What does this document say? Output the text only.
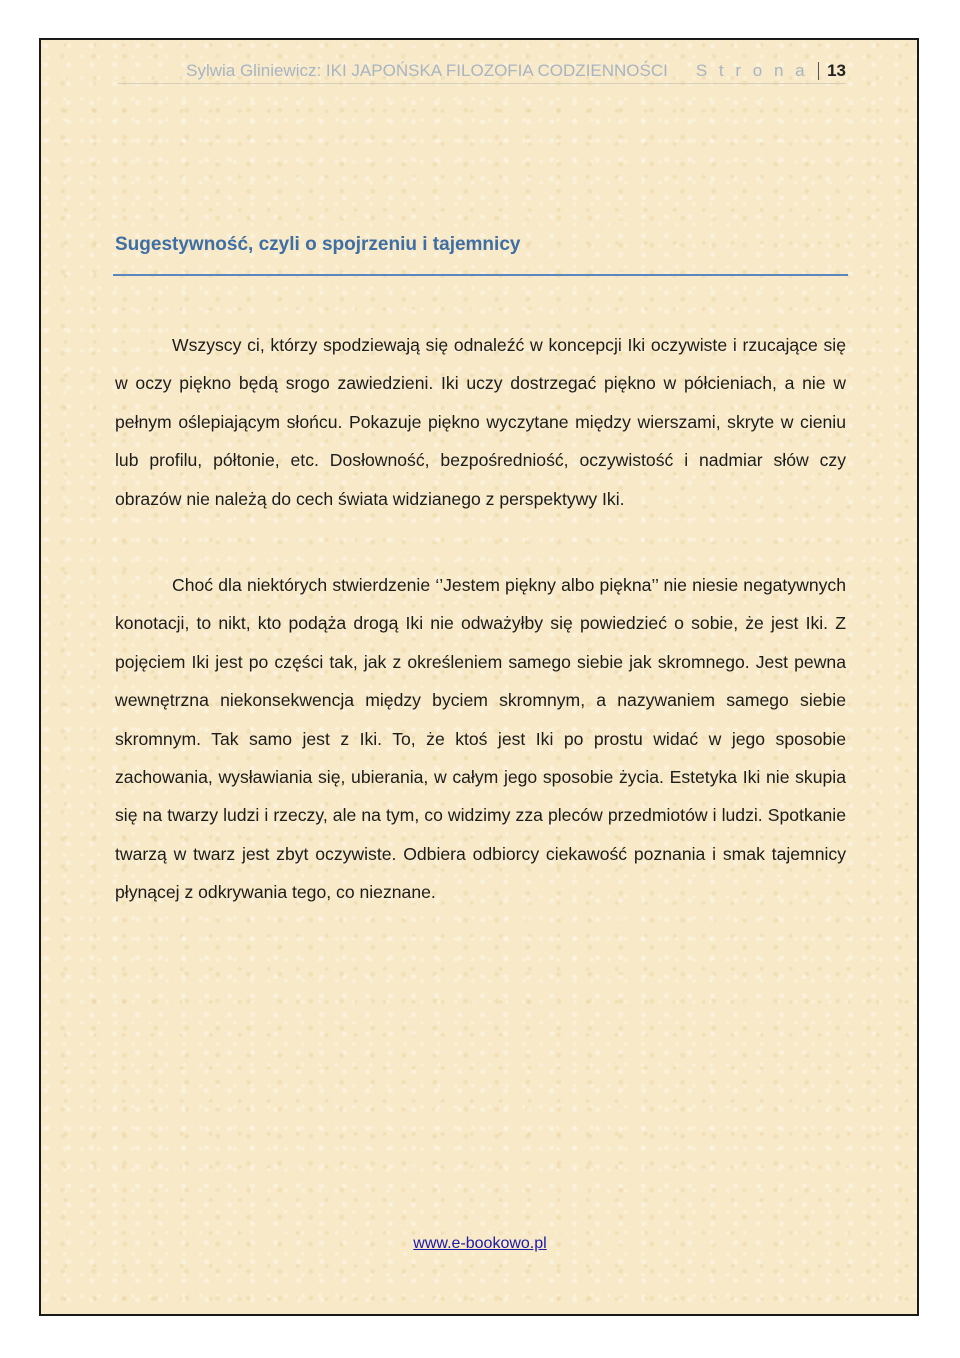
Sylwia Gliniewicz: IKI JAPOŃSKA FILOZOFIA CODZIENNOŚCI S t r o n a 13
Sugestywność, czyli o spojrzeniu i tajemnicy

Wszyscy ci, którzy spodziewają się odnaleźć w koncepcji Iki oczywiste i rzucające się w oczy piękno będą srogo zawiedzieni. Iki uczy dostrzegać piękno w półcieniach, a nie w pełnym oślepiającym słońcu. Pokazuje piękno wyczytane między wierszami, skryte w cieniu lub profilu, półtonie, etc. Dosłowność, bezpośredniość, oczywistość i nadmiar słów czy obrazów nie należą do cech świata widzianego z perspektywy Iki.

Choć dla niektórych stwierdzenie ‘’Jestem piękny albo piękna’’ nie niesie negatywnych konotacji, to nikt, kto podąża drogą Iki nie odważyłby się powiedzieć o sobie, że jest Iki. Z pojęciem Iki jest po części tak, jak z określeniem samego siebie jak skromnego. Jest pewna wewnętrzna niekonsekwencja między byciem skromnym, a nazywaniem samego siebie skromnym. Tak samo jest z Iki. To, że ktoś jest Iki po prostu widać w jego sposobie zachowania, wysławiania się, ubierania, w całym jego sposobie życia. Estetyka Iki nie skupia się na twarzy ludzi i rzeczy, ale na tym, co widzimy zza pleców przedmiotów i ludzi. Spotkanie twarzą w twarz jest zbyt oczywiste. Odbiera odbiorcy ciekawość poznania i smak tajemnicy płynącej z odkrywania tego, co nieznane.

www.e-bookowo.pl
